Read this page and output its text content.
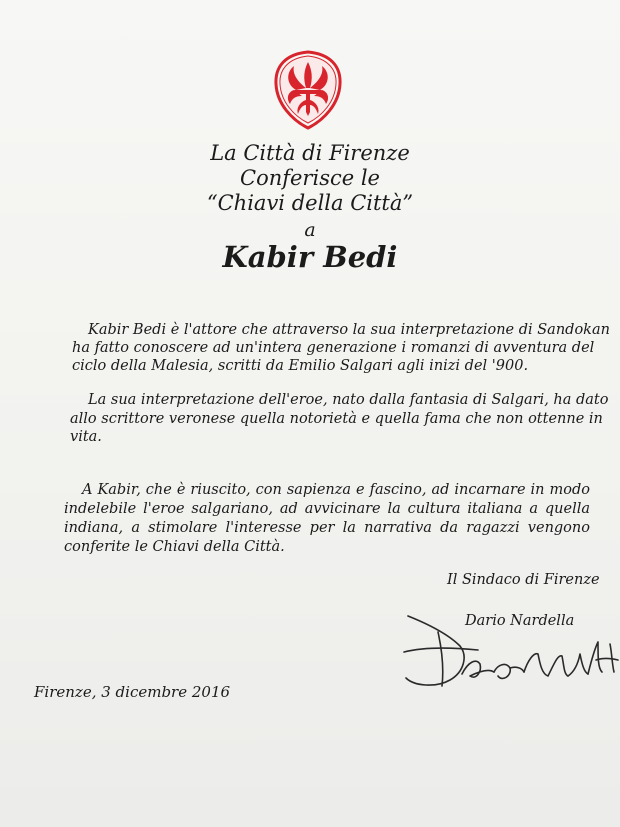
La Città di Firenze
Conferisce le
“Chiavi della Città”
a
Kabir Bedi
Kabir Bedi è l'attore che attraverso la sua interpretazione di Sandokan
ha fatto conoscere ad un'intera generazione i romanzi di avventura del
ciclo della Malesia, scritti da Emilio Salgari agli inizi del '900.
La sua interpretazione dell'eroe, nato dalla fantasia di Salgari, ha dato
allo scrittore veronese quella notorietà e quella fama che non ottenne in
vita.
A Kabir, che è riuscito, con sapienza e fascino, ad incarnare in modo
indelebile l'eroe salgariano, ad avvicinare la cultura italiana a quella
indiana, a stimolare l'interesse per la narrativa da ragazzi vengono
conferite le Chiavi della Città.
Il Sindaco di Firenze
Dario Nardella
Firenze, 3 dicembre 2016
